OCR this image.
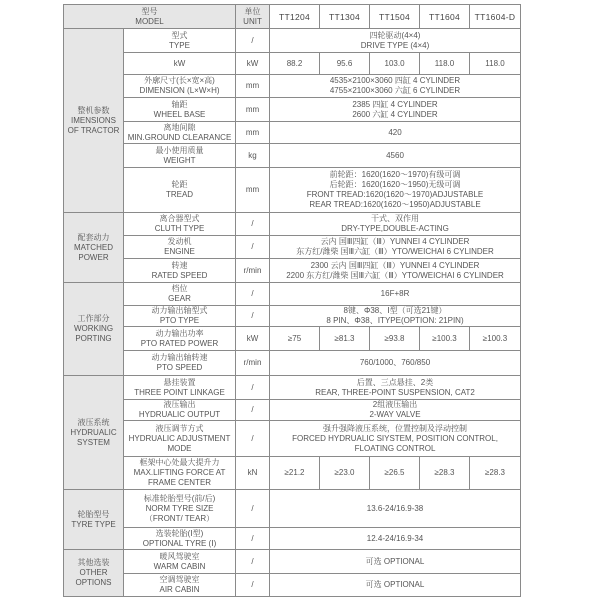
型号
MODEL		单位
UNIT	TT1204	TT1304	TT1504	TT1604	TT1604-D

整机参数
IMENSIONS
OF TRACTOR	型式
TYPE	/	四轮驱动(4×4)
DRIVE TYPE (4×4)				

	kW	kW	88.2	95.6	103.0	118.0	118.0

	外廓尺寸(长×宽×高)
DIMENSION (L×W×H)	mm	4535×2100×3060 四缸 4 CYLINDER
4755×2100×3060 六缸 6 CYLINDER				

	轴距
WHEEL BASE	mm	2385 四缸 4 CYLINDER
2600 六缸 4 CYLINDER				

	离地间隙
MIN.GROUND CLEARANCE	mm	420				

	最小使用质量
WEIGHT	kg	4560				

	轮距
TREAD	mm	前轮距：1620(1620～1970)有级可调
后轮距：1620(1620～1950)无级可调
FRONT TREAD:1620(1620～1970)ADJUSTABLE
REAR TREAD:1620(1620～1950)ADJUSTABLE				

配套动力
MATCHED
POWER	离合器型式
CLUTH TYPE	/	干式、双作用
DRY-TYPE,DOUBLE-ACTING				

	发动机
ENGINE	/	云内 国Ⅲ四缸（Ⅲ）YUNNEI 4 CYLINDER
东方红/潍柴 国Ⅲ六缸（Ⅲ）YTO/WEICHAI 6 CYLINDER				

	转速
RATED SPEED	r/min	2300 云内 国Ⅲ四缸（Ⅲ）YUNNEI 4 CYLINDER
2200 东方红/潍柴 国Ⅲ六缸（Ⅲ）YTO/WEICHAI 6 CYLINDER				

工作部分
WORKING
PORTING	档位
GEAR	/	16F+8R				

	动力输出轴型式
PTO TYPE	/	8键、Φ38、Ⅰ型（可选21键）
8 PIN、Φ38、ⅠTYPE(OPTION: 21PIN)				

	动力输出功率
PTO RATED POWER	kW	≥75	≥81.3	≥93.8	≥100.3	≥100.3

	动力输出轴转速
PTO SPEED	r/min	760/1000、760/850				

液压系统
HYDRUALIC
SYSTEM	悬挂装置
THREE POINT LINKAGE	/	后置、三点悬挂、2类
REAR, THREE-POINT SUSPENSION, CAT2				

	液压输出
HYDRUALIC OUTPUT	/	2组液压输出
2-WAY VALVE				

	液压调节方式
HYDRUALIC ADJUSTMENT
MODE	/	强升强降液压系统，位置控制及浮动控制
FORCED HYDRUALIC SIYSTEM, POSITION CONTROL,
FLOATING CONTROL				

	框架中心处最大提升力
MAX.LIFTING FORCE AT
FRAME CENTER	kN	≥21.2	≥23.0	≥26.5	≥28.3	≥28.3

轮胎型号
TYRE TYPE	标准轮胎型号(前/后)
NORM TYRE SIZE
（FRONT/ TEAR）	/	13.6-24/16.9-38				

	选装轮胎(Ⅰ型)
OPTIONAL TYRE (Ⅰ)	/	12.4-24/16.9-34				

其他选装
OTHER
OPTIONS	暖风驾驶室
WARM CABIN	/	可选 OPTIONAL				

	空调驾驶室
AIR CABIN	/	可选 OPTIONAL				
